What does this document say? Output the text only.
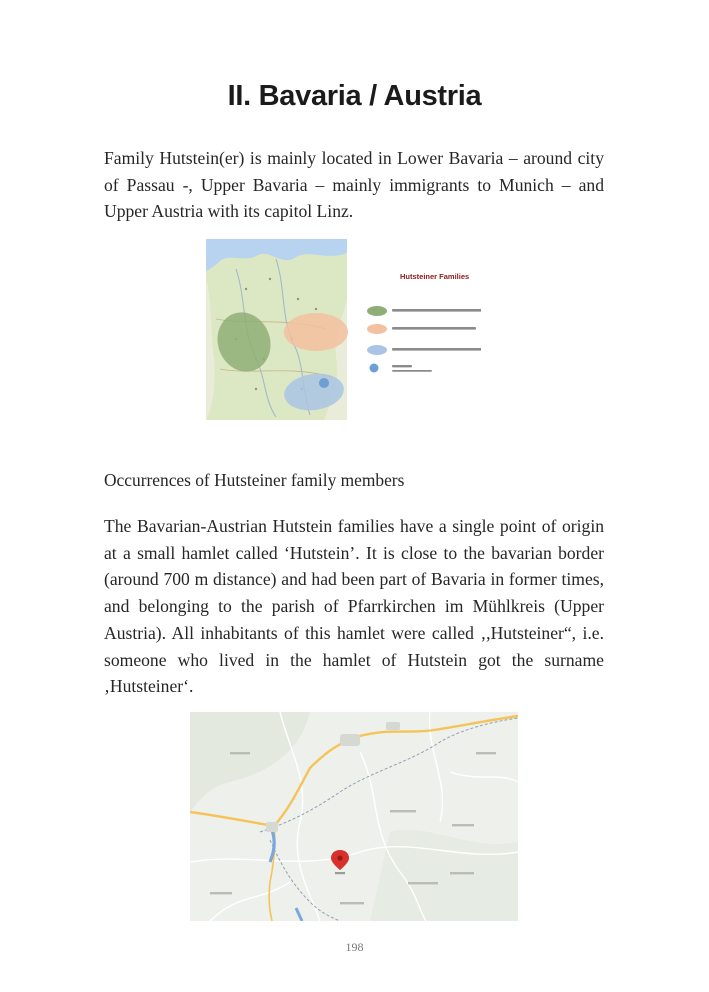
II. Bavaria / Austria

Family Hutstein(er) is mainly located in Lower Bavaria – around city of Passau -, Upper Bavaria – mainly immigrants to Munich – and Upper Austria with its capitol Linz.

Hutsteiner Families
Occurrences of Hutsteiner family members

The Bavarian-Austrian Hutstein families have a single point of origin at a small hamlet called ‘Hutstein’. It is close to the bavarian border (around 700 m distance) and had been part of Bavaria in former times, and belonging to the parish of Pfarrkirchen im Mühlkreis (Upper Austria). All inhabitants of this hamlet were called ‚,Hutsteiner“, i.e. someone who lived in the hamlet of Hutstein got the surname ‚Hutsteiner‘.

198
